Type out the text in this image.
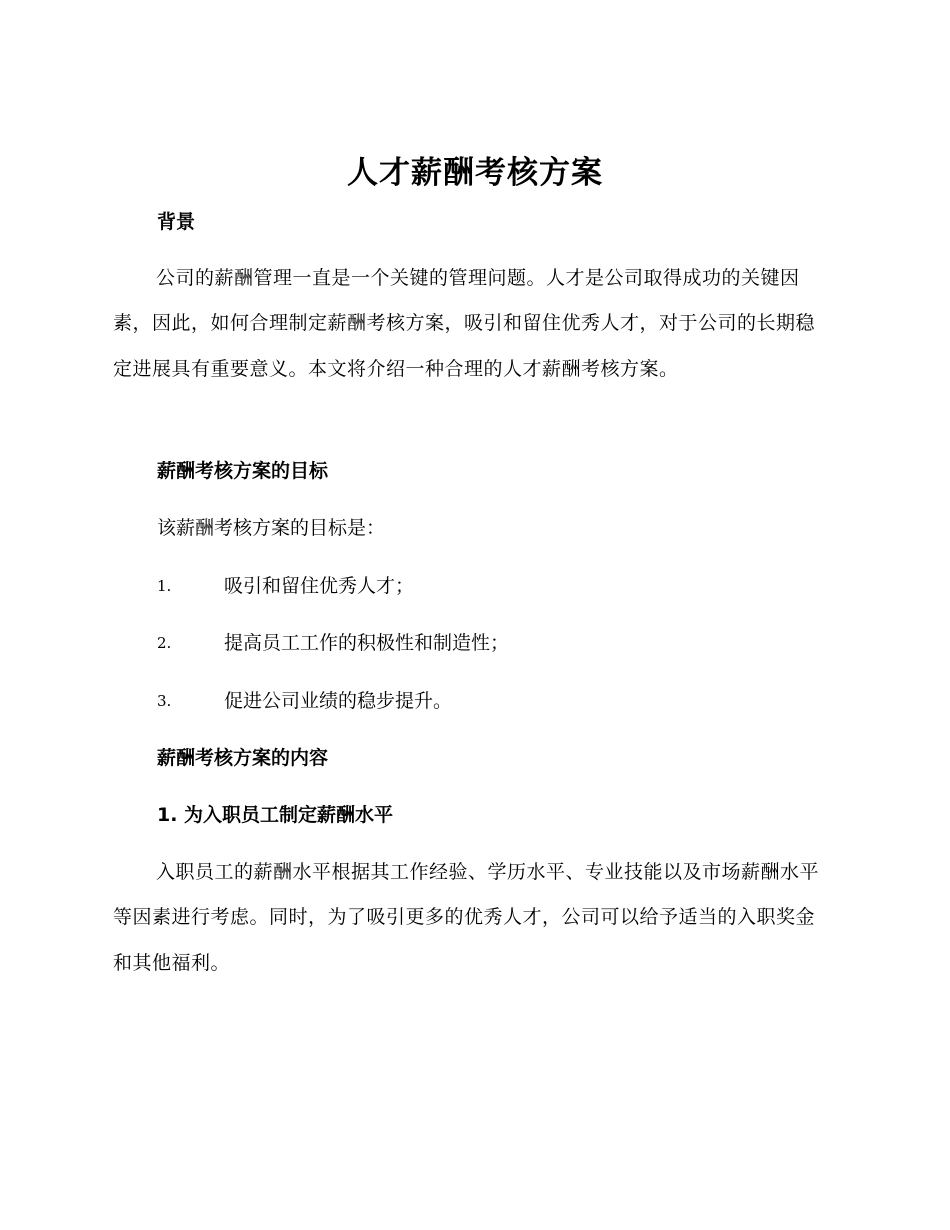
人才薪酬考核方案
背景
公司的薪酬管理一直是一个关键的管理问题。人才是公司取得成功的关键因素，因此，如何合理制定薪酬考核方案，吸引和留住优秀人才，对于公司的长期稳定进展具有重要意义。本文将介绍一种合理的人才薪酬考核方案。
薪酬考核方案的目标
该薪酬考核方案的目标是：
1.	吸引和留住优秀人才；
2.	提高员工工作的积极性和制造性；
3.	促进公司业绩的稳步提升。
薪酬考核方案的内容
1. 为入职员工制定薪酬水平
入职员工的薪酬水平根据其工作经验、学历水平、专业技能以及市场薪酬水平等因素进行考虑。同时，为了吸引更多的优秀人才，公司可以给予适当的入职奖金和其他福利。
